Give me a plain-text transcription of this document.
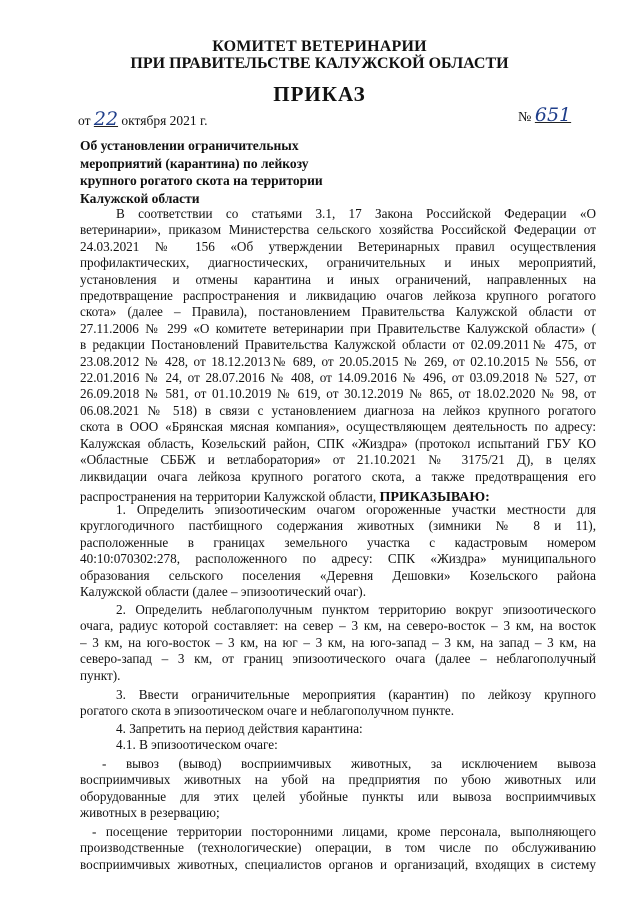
КОМИТЕТ ВЕТЕРИНАРИИ
ПРИ ПРАВИТЕЛЬСТВЕ КАЛУЖСКОЙ ОБЛАСТИ
ПРИКАЗ
от 22 октября 2021 г.	№ 651
Об установлении ограничительных
мероприятий (карантина) по лейкозу
крупного рогатого скота на территории
Калужской области
В соответствии со статьями 3.1, 17 Закона Российской Федерации «О
ветеринарии», приказом Министерства сельского хозяйства Российской Федерации от
24.03.2021 № 156 «Об утверждении Ветеринарных правил осуществления
профилактических, диагностических, ограничительных и иных мероприятий,
установления и отмены карантина и иных ограничений, направленных на
предотвращение распространения и ликвидацию очагов лейкоза крупного рогатого
скота» (далее – Правила), постановлением Правительства Калужской области от
27.11.2006 № 299 «О комитете ветеринарии при Правительстве Калужской области» (
в редакции Постановлений Правительства Калужской области от 02.09.2011№ 475, от
23.08.2012 № 428, от 18.12.2013№ 689, от 20.05.2015 № 269, от 02.10.2015 № 556, от
22.01.2016 № 24, от 28.07.2016 № 408, от 14.09.2016 № 496, от 03.09.2018 № 527, от
26.09.2018 № 581, от 01.10.2019 № 619, от 30.12.2019 № 865, от 18.02.2020 № 98, от
06.08.2021 № 518) в связи с установлением диагноза на лейкоз крупного рогатого
скота в ООО «Брянская мясная компания», осуществляющем деятельность по адресу:
Калужская область, Козельский район, СПК «Жиздра» (протокол испытаний ГБУ КО
«Областные СББЖ и ветлаборатория» от 21.10.2021 № 3175/21 Д), в целях
ликвидации очага лейкоза крупного рогатого скота, а также предотвращения его
распространения на территории Калужской области, ПРИКАЗЫВАЮ:
1. Определить эпизоотическим очагом огороженные участки местности для
круглогодичного пастбищного содержания животных (зимники № 8 и 11),
расположенные в границах земельного участка с кадастровым номером
40:10:070302:278, расположенного по адресу: СПК «Жиздра» муниципального
образования сельского поселения «Деревня Дешовки» Козельского района
Калужской области (далее – эпизоотический очаг).
2. Определить неблагополучным пунктом территорию вокруг эпизоотического
очага, радиус которой составляет: на север – 3 км, на северо-восток – 3 км, на восток
– 3 км, на юго-восток – 3 км, на юг – 3 км, на юго-запад – 3 км, на запад – 3 км, на
северо-запад – 3 км, от границ эпизоотического очага (далее – неблагополучный
пункт).
3. Ввести ограничительные мероприятия (карантин) по лейкозу крупного
рогатого скота в эпизоотическом очаге и неблагополучном пункте.
4. Запретить на период действия карантина:
4.1. В эпизоотическом очаге:
- вывоз (вывод) восприимчивых животных, за исключением вывоза
восприимчивых животных на убой на предприятия по убою животных или
оборудованные для этих целей убойные пункты или вывоза восприимчивых
животных в резервацию;
- посещение территории посторонними лицами, кроме персонала, выполняющего
производственные (технологические) операции, в том числе по обслуживанию
восприимчивых животных, специалистов органов и организаций, входящих в систему
